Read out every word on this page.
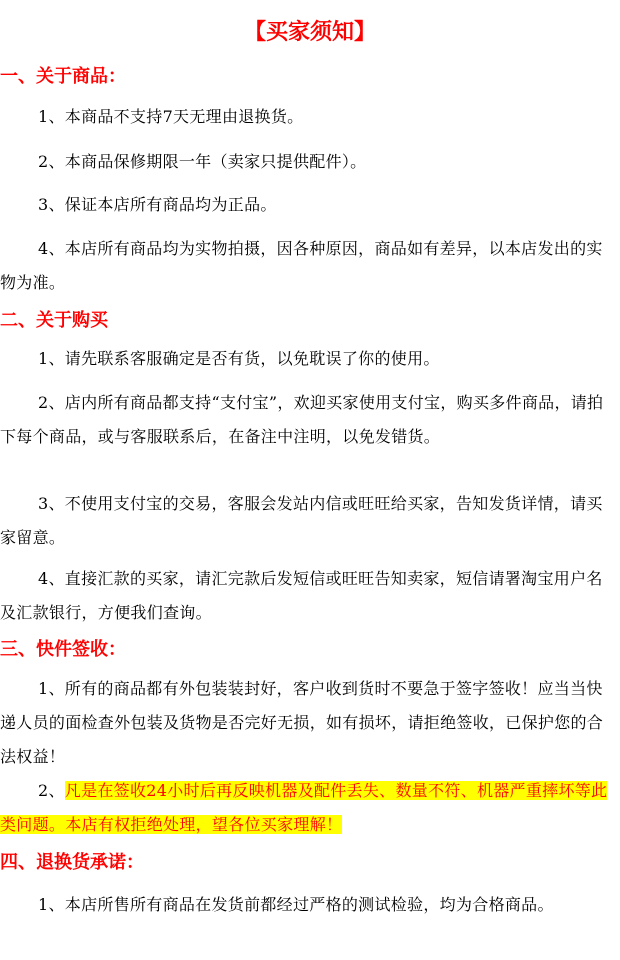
【买家须知】
一、关于商品：

1、本商品不支持7天无理由退换货。

2、本商品保修期限一年（卖家只提供配件）。

3、保证本店所有商品均为正品。

4、本店所有商品均为实物拍摄，因各种原因，商品如有差异，以本店发出的实物为准。

二、关于购买

1、请先联系客服确定是否有货，以免耽误了你的使用。

2、店内所有商品都支持“支付宝”，欢迎买家使用支付宝，购买多件商品，请拍下每个商品，或与客服联系后，在备注中注明，以免发错货。

3、不使用支付宝的交易，客服会发站内信或旺旺给买家，告知发货详情，请买家留意。

4、直接汇款的买家，请汇完款后发短信或旺旺告知卖家，短信请署淘宝用户名及汇款银行，方便我们查询。

三、快件签收：

1、所有的商品都有外包装装封好，客户收到货时不要急于签字签收！应当当快递人员的面检查外包装及货物是否完好无损，如有损坏，请拒绝签收，已保护您的合法权益！

2、凡是在签收24小时后再反映机器及配件丢失、数量不符、机器严重摔坏等此类问题。本店有权拒绝处理，望各位买家理解！

四、退换货承诺：

1、本店所售所有商品在发货前都经过严格的测试检验，均为合格商品。
